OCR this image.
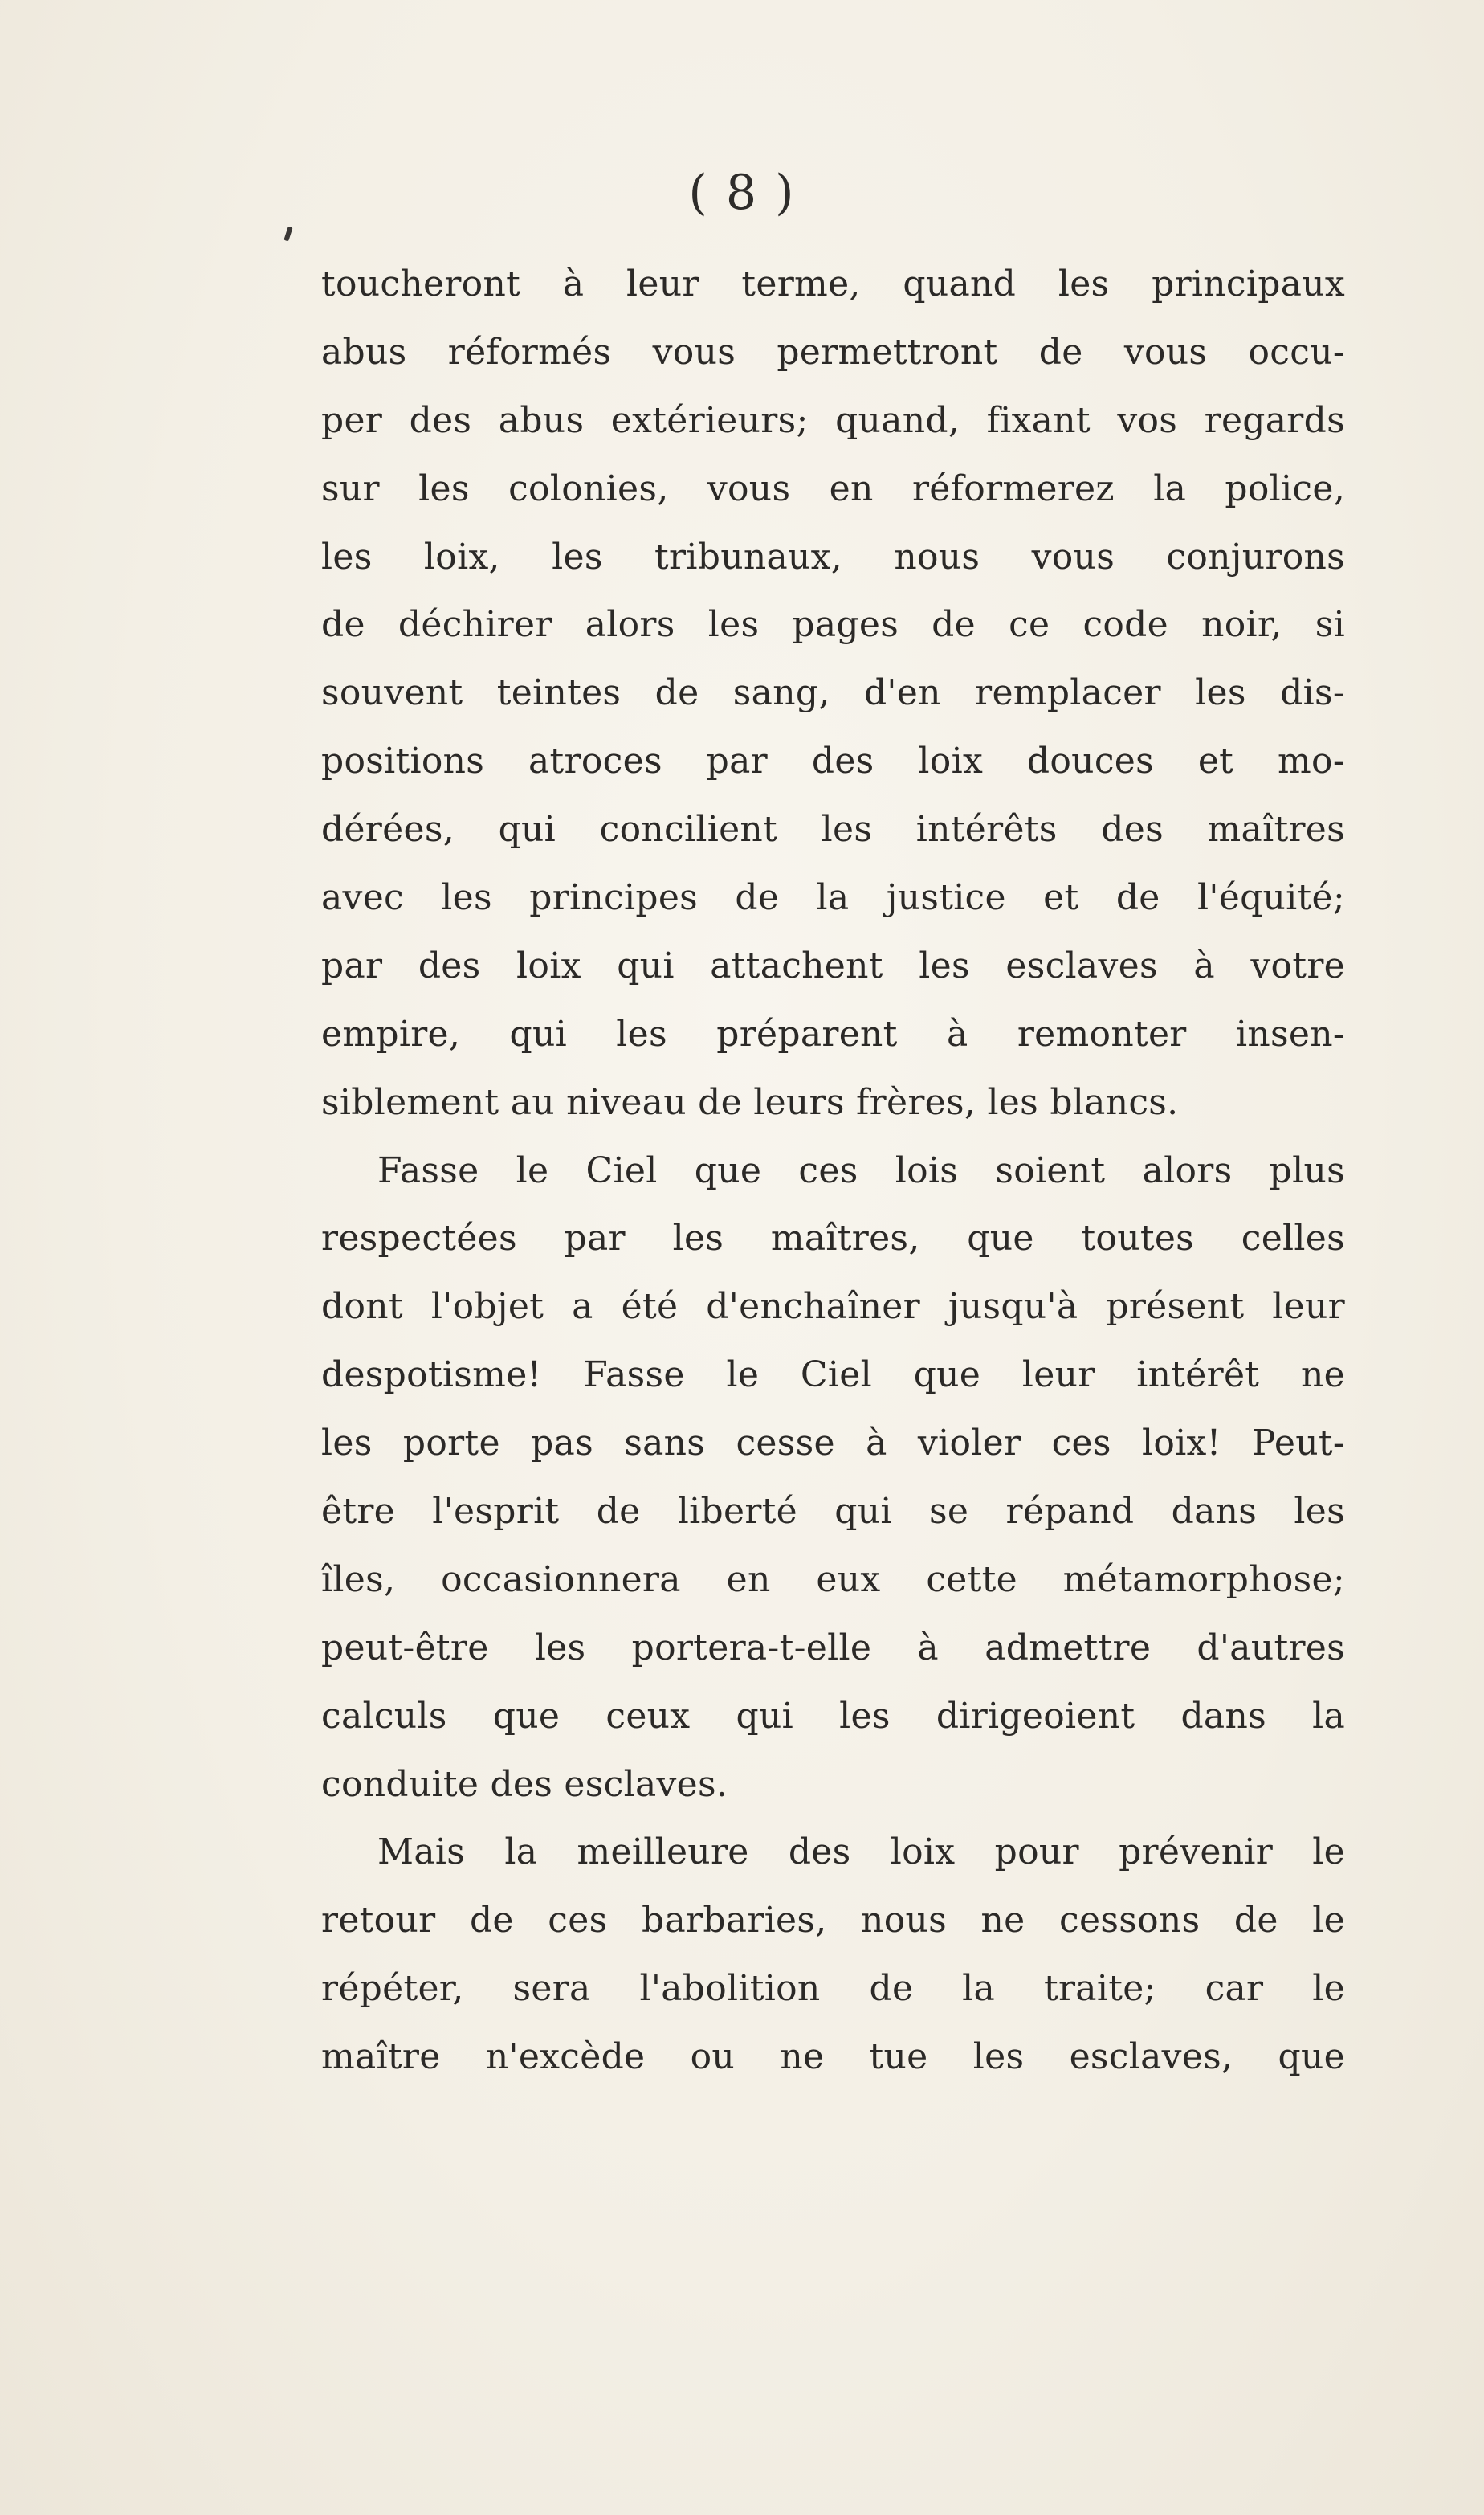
( 8 )
toucheront à leur terme, quand les principaux
abus réformés vous permettront de vous occu-
per des abus extérieurs; quand, fixant vos regards
sur les colonies, vous en réformerez la police,
les loix, les tribunaux, nous vous conjurons
de déchirer alors les pages de ce code noir, si
souvent teintes de sang, d'en remplacer les dis-
positions atroces par des loix douces et mo-
dérées, qui concilient les intérêts des maîtres
avec les principes de la justice et de l'équité;
par des loix qui attachent les esclaves à votre
empire, qui les préparent à remonter insen-
siblement au niveau de leurs frères, les blancs.
Fasse le Ciel que ces lois soient alors plus
respectées par les maîtres, que toutes celles
dont l'objet a été d'enchaîner jusqu'à présent leur
despotisme! Fasse le Ciel que leur intérêt ne
les porte pas sans cesse à violer ces loix! Peut-
être l'esprit de liberté qui se répand dans les
îles, occasionnera en eux cette métamorphose;
peut-être les portera-t-elle à admettre d'autres
calculs que ceux qui les dirigeoient dans la
conduite des esclaves.
Mais la meilleure des loix pour prévenir le
retour de ces barbaries, nous ne cessons de le
répéter, sera l'abolition de la traite; car le
maître n'excède ou ne tue les esclaves, que
